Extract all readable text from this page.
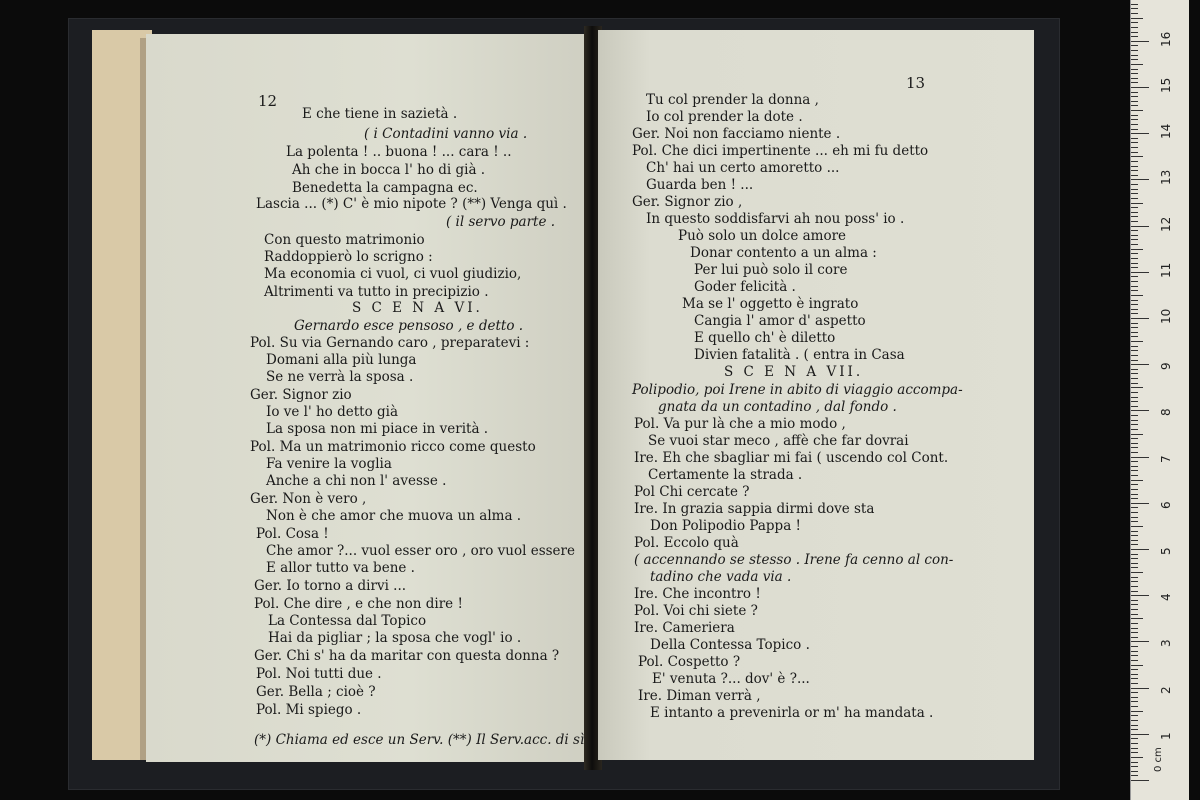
12
E che tiene in sazietà .
( i Contadini vanno via .
La polenta ! .. buona ! ... cara ! ..
Ah che in bocca l' ho di già .
Benedetta la campagna ec.
Lascia ... (*) C' è mio nipote ? (**) Venga quì .
( il servo parte .
Con questo matrimonio
Raddoppierò lo scrigno :
Ma economia ci vuol, ci vuol giudizio,
Altrimenti va tutto in precipizio .
S C E N A VI.
Gernardo esce pensoso , e detto .
Pol. Su via Gernando caro , preparatevi :
Domani alla più lunga
Se ne verrà la sposa .
Ger. Signor zio
Io ve l' ho detto già
La sposa non mi piace in verità .
Pol. Ma un matrimonio ricco come questo
Fa venire la voglia
Anche a chi non l' avesse .
Ger. Non è vero ,
Non è che amor che muova un alma .
Pol. Cosa !
Che amor ?... vuol esser oro , oro vuol essere
E allor tutto va bene .
Ger. Io torno a dirvi ...
Pol. Che dire , e che non dire !
La Contessa dal Topico
Hai da pigliar ; la sposa che vogl' io .
Ger. Chi s' ha da maritar con questa donna ?
Pol. Noi tutti due .
Ger. Bella ; cioè ?
Pol. Mi spiego .
(*) Chiama ed esce un Serv. (**) Il Serv.acc. di sì
13
Tu col prender la donna ,
Io col prender la dote .
Ger. Noi non facciamo niente .
Pol. Che dici impertinente ... eh mi fu detto
Ch' hai un certo amoretto ...
Guarda ben ! ...
Ger. Signor zio ,
In questo soddisfarvi ah nou poss' io .
Può solo un dolce amore
Donar contento a un alma :
Per lui può solo il core
Goder felicità .
Ma se l' oggetto è ingrato
Cangia l' amor d' aspetto
E quello ch' è diletto
Divien fatalità . ( entra in Casa
S C E N A VII.
Polipodio, poi Irene in abito di viaggio accompa-
gnata da un contadino , dal fondo .
Pol. Va pur là che a mio modo ,
Se vuoi star meco , affè che far dovrai
Ire. Eh che sbagliar mi fai ( uscendo col Cont.
Certamente la strada .
Pol Chi cercate ?
Ire. In grazia sappia dirmi dove sta
Don Polipodio Pappa !
Pol. Eccolo quà
( accennando se stesso . Irene fa cenno al con-
tadino che vada via .
Ire. Che incontro !
Pol. Voi chi siete ?
Ire. Cameriera
Della Contessa Topico .
Pol. Cospetto ?
E' venuta ?... dov' è ?...
Ire. Diman verrà ,
E intanto a prevenirla or m' ha mandata .
0 cm
1
2
3
4
5
6
7
8
9
10
11
12
13
14
15
16
